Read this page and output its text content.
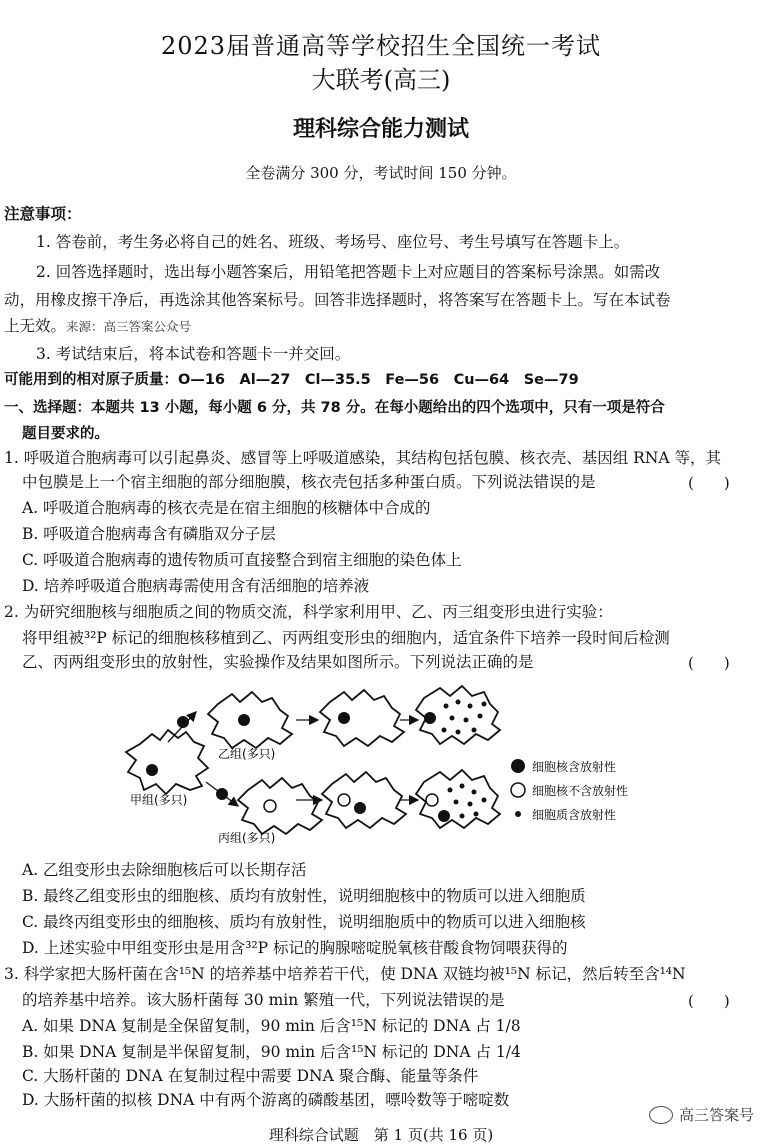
2023届普通高等学校招生全国统一考试
大联考(高三)
理科综合能力测试
全卷满分 300 分，考试时间 150 分钟。
注意事项：
1. 答卷前，考生务必将自己的姓名、班级、考场号、座位号、考生号填写在答题卡上。
2. 回答选择题时，选出每小题答案后，用铅笔把答题卡上对应题目的答案标号涂黑。如需改
动，用橡皮擦干净后，再选涂其他答案标号。回答非选择题时，将答案写在答题卡上。写在本试卷
上无效。来源：高三答案公众号
3. 考试结束后，将本试卷和答题卡一并交回。
可能用到的相对原子质量：O—16　Al—27　Cl—35.5　Fe—56　Cu—64　Se—79
一、选择题：本题共 13 小题，每小题 6 分，共 78 分。在每小题给出的四个选项中，只有一项是符合
题目要求的。
1. 呼吸道合胞病毒可以引起鼻炎、感冒等上呼吸道感染，其结构包括包膜、核衣壳、基因组 RNA 等，其
中包膜是上一个宿主细胞的部分细胞膜，核衣壳包括多种蛋白质。下列说法错误的是	(　　)
A. 呼吸道合胞病毒的核衣壳是在宿主细胞的核糖体中合成的
B. 呼吸道合胞病毒含有磷脂双分子层
C. 呼吸道合胞病毒的遗传物质可直接整合到宿主细胞的染色体上
D. 培养呼吸道合胞病毒需使用含有活细胞的培养液
2. 为研究细胞核与细胞质之间的物质交流，科学家利用甲、乙、丙三组变形虫进行实验：
将甲组被³²P 标记的细胞核移植到乙、丙两组变形虫的细胞内，适宜条件下培养一段时间后检测
乙、丙两组变形虫的放射性，实验操作及结果如图所示。下列说法正确的是	(　　)
甲组(多只)
乙组(多只)
丙组(多只)
细胞核含放射性
细胞核不含放射性
细胞质含放射性
A. 乙组变形虫去除细胞核后可以长期存活
B. 最终乙组变形虫的细胞核、质均有放射性，说明细胞核中的物质可以进入细胞质
C. 最终丙组变形虫的细胞核、质均有放射性，说明细胞质中的物质可以进入细胞核
D. 上述实验中甲组变形虫是用含³²P 标记的胸腺嘧啶脱氧核苷酸食物饲喂获得的
3. 科学家把大肠杆菌在含¹⁵N 的培养基中培养若干代，使 DNA 双链均被¹⁵N 标记，然后转至含¹⁴N
的培养基中培养。该大肠杆菌每 30 min 繁殖一代，下列说法错误的是	(　　)
A. 如果 DNA 复制是全保留复制，90 min 后含¹⁵N 标记的 DNA 占 1/8
B. 如果 DNA 复制是半保留复制，90 min 后含¹⁵N 标记的 DNA 占 1/4
C. 大肠杆菌的 DNA 在复制过程中需要 DNA 聚合酶、能量等条件
D. 大肠杆菌的拟核 DNA 中有两个游离的磷酸基团，嘌呤数等于嘧啶数
高三答案号
理科综合试题　第 1 页(共 16 页)
